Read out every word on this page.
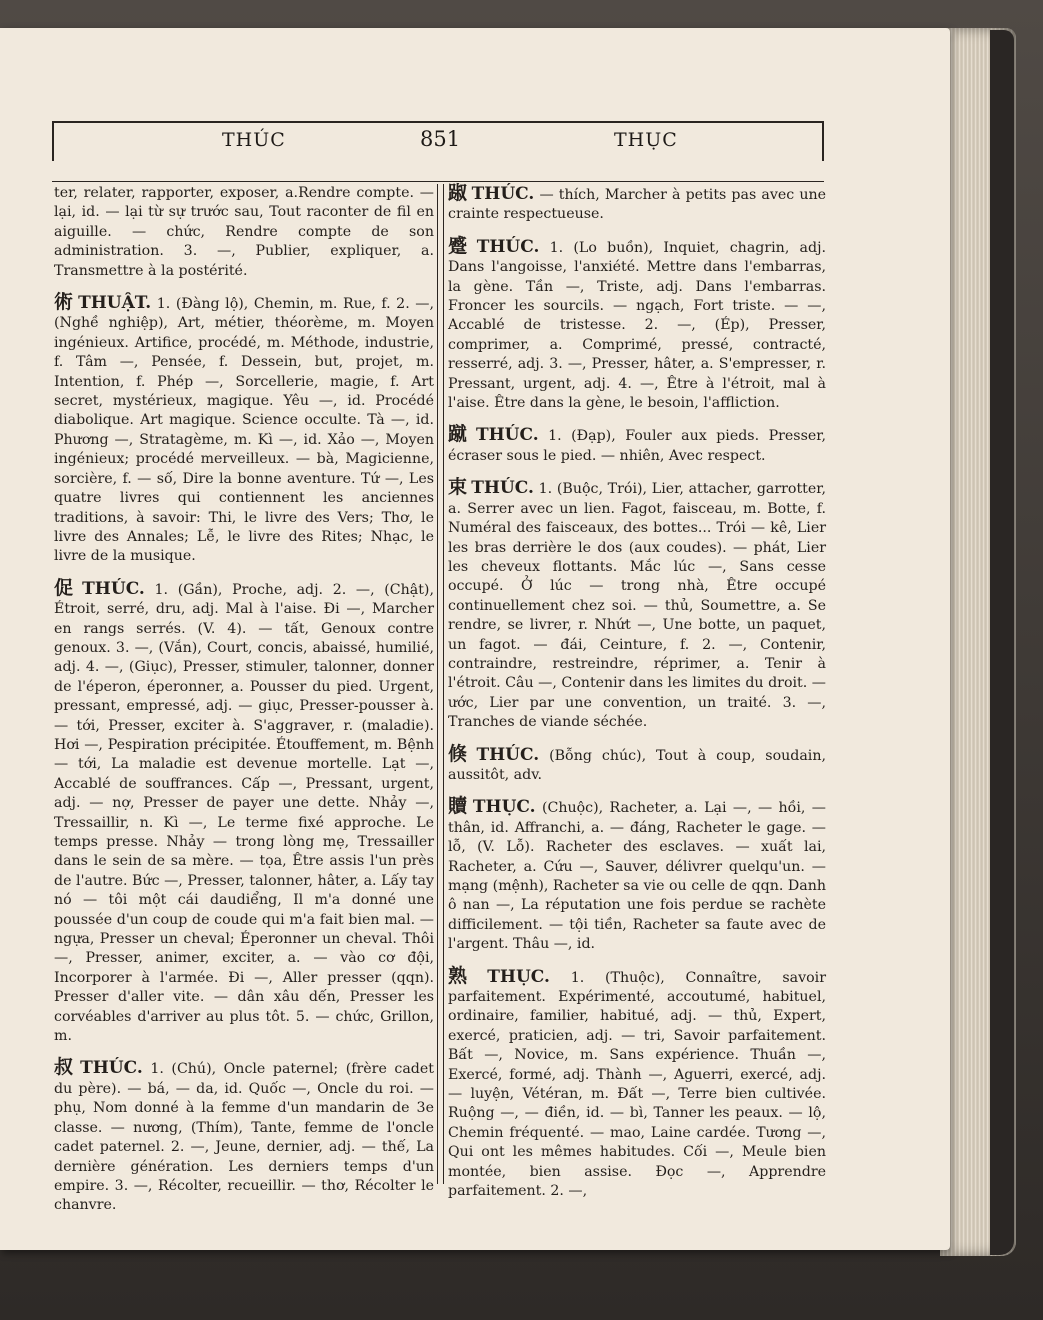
THÚC	851	THỤC

ter, relater, rapporter, exposer, a.Rendre compte. — lại, id. — lại từ sự trước sau, Tout raconter de fil en aiguille. — chức, Rendre compte de son administration. 3. —, Publier, expliquer, a. Transmettre à la postérité.

術 THUẬT. 1. (Đàng lộ), Chemin, m. Rue, f. 2. —, (Nghề nghiệp), Art, métier, théorème, m. Moyen ingénieux. Artifice, procédé, m. Méthode, industrie, f. Tâm —, Pensée, f. Dessein, but, projet, m. Intention, f. Phép —, Sorcellerie, magie, f. Art secret, mystérieux, magique. Yêu —, id. Procédé diabolique. Art magique. Science occulte. Tà —, id. Phương —, Stratagème, m. Kì —, id. Xảo —, Moyen ingénieux; procédé merveilleux. — bà, Magicienne, sorcière, f. — số, Dire la bonne aventure. Tứ —, Les quatre livres qui contiennent les anciennes traditions, à savoir: Thi, le livre des Vers; Thơ, le livre des Annales; Lễ, le livre des Rites; Nhạc, le livre de la musique.

促 THÚC. 1. (Gần), Proche, adj. 2. —, (Chật), Étroit, serré, dru, adj. Mal à l'aise. Đi —, Marcher en rangs serrés. (V. 4). — tất, Genoux contre genoux. 3. —, (Vắn), Court, concis, abaissé, humilié, adj. 4. —, (Giục), Presser, stimuler, talonner, donner de l'éperon, éperonner, a. Pousser du pied. Urgent, pressant, empressé, adj. — giục, Presser-pousser à. — tới, Presser, exciter à. S'aggraver, r. (maladie). Hơi —, Pespiration précipitée. Étouffement, m. Bệnh — tới, La maladie est devenue mortelle. Lạt —, Accablé de souffrances. Cấp —, Pressant, urgent, adj. — nợ, Presser de payer une dette. Nhảy —, Tressaillir, n. Kì —, Le terme fixé approche. Le temps presse. Nhảy — trong lòng mẹ, Tressailler dans le sein de sa mère. — tọa, Être assis l'un près de l'autre. Bức —, Presser, talonner, hâter, a. Lấy tay nó — tôi một cái daudiểng, Il m'a donné une poussée d'un coup de coude qui m'a fait bien mal. — ngựa, Presser un cheval; Éperonner un cheval. Thôi —, Presser, animer, exciter, a. — vào cơ đội, Incorporer à l'armée. Đi —, Aller presser (qqn). Presser d'aller vite. — dân xâu dến, Presser les corvéables d'arriver au plus tôt. 5. — chức, Grillon, m.

叔 THÚC. 1. (Chú), Oncle paternel; (frère cadet du père). — bá, — da, id. Quốc —, Oncle du roi. — phụ, Nom donné à la femme d'un mandarin de 3e classe. — nương, (Thím), Tante, femme de l'oncle cadet paternel. 2. —, Jeune, dernier, adj. — thế, La dernière génération. Les derniers temps d'un empire. 3. —, Récolter, recueillir. — thơ, Récolter le chanvre.

踧 THÚC. — thích, Marcher à petits pas avec une crainte respectueuse.

蹙 THÚC. 1. (Lo buồn), Inquiet, chagrin, adj. Dans l'angoisse, l'anxiété. Mettre dans l'embarras, la gène. Tần —, Triste, adj. Dans l'embarras. Froncer les sourcils. — ngạch, Fort triste. — —, Accablé de tristesse. 2. —, (Ép), Presser, comprimer, a. Comprimé, pressé, contracté, resserré, adj. 3. —, Presser, hâter, a. S'empresser, r. Pressant, urgent, adj. 4. —, Être à l'étroit, mal à l'aise. Être dans la gène, le besoin, l'affliction.

蹴 THÚC. 1. (Đạp), Fouler aux pieds. Presser, écraser sous le pied. — nhiên, Avec respect.

束 THÚC. 1. (Buộc, Trói), Lier, attacher, garrotter, a. Serrer avec un lien. Fagot, faisceau, m. Botte, f. Numéral des faisceaux, des bottes... Trói — kê, Lier les bras derrière le dos (aux coudes). — phát, Lier les cheveux flottants. Mắc lúc —, Sans cesse occupé. Ở lúc — trong nhà, Être occupé continuellement chez soi. — thủ, Soumettre, a. Se rendre, se livrer, r. Nhứt —, Une botte, un paquet, un fagot. — đái, Ceinture, f. 2. —, Contenir, contraindre, restreindre, réprimer, a. Tenir à l'étroit. Câu —, Contenir dans les limites du droit. — ước, Lier par une convention, un traité. 3. —, Tranches de viande séchée.

倏 THÚC. (Bỗng chúc), Tout à coup, soudain, aussitôt, adv.

贖 THỤC. (Chuộc), Racheter, a. Lại —, — hồi, — thân, id. Affranchi, a. — đáng, Racheter le gage. — lỗ, (V. Lỗ). Racheter des esclaves. — xuất lai, Racheter, a. Cứu —, Sauver, délivrer quelqu'un. — mạng (mệnh), Racheter sa vie ou celle de qqn. Danh ô nan —, La réputation une fois perdue se rachète difficilement. — tội tiền, Racheter sa faute avec de l'argent. Thâu —, id.

熟 THỤC. 1. (Thuộc), Connaître, savoir parfaitement. Expérimenté, accoutumé, habituel, ordinaire, familier, habitué, adj. — thủ, Expert, exercé, praticien, adj. — tri, Savoir parfaitement. Bất —, Novice, m. Sans expérience. Thuần —, Exercé, formé, adj. Thành —, Aguerri, exercé, adj. — luyện, Vétéran, m. Đất —, Terre bien cultivée. Ruộng —, — điền, id. — bì, Tanner les peaux. — lộ, Chemin fréquenté. — mao, Laine cardée. Tương —, Qui ont les mêmes habitudes. Cối —, Meule bien montée, bien assise. Đọc —, Apprendre parfaitement. 2. —,
